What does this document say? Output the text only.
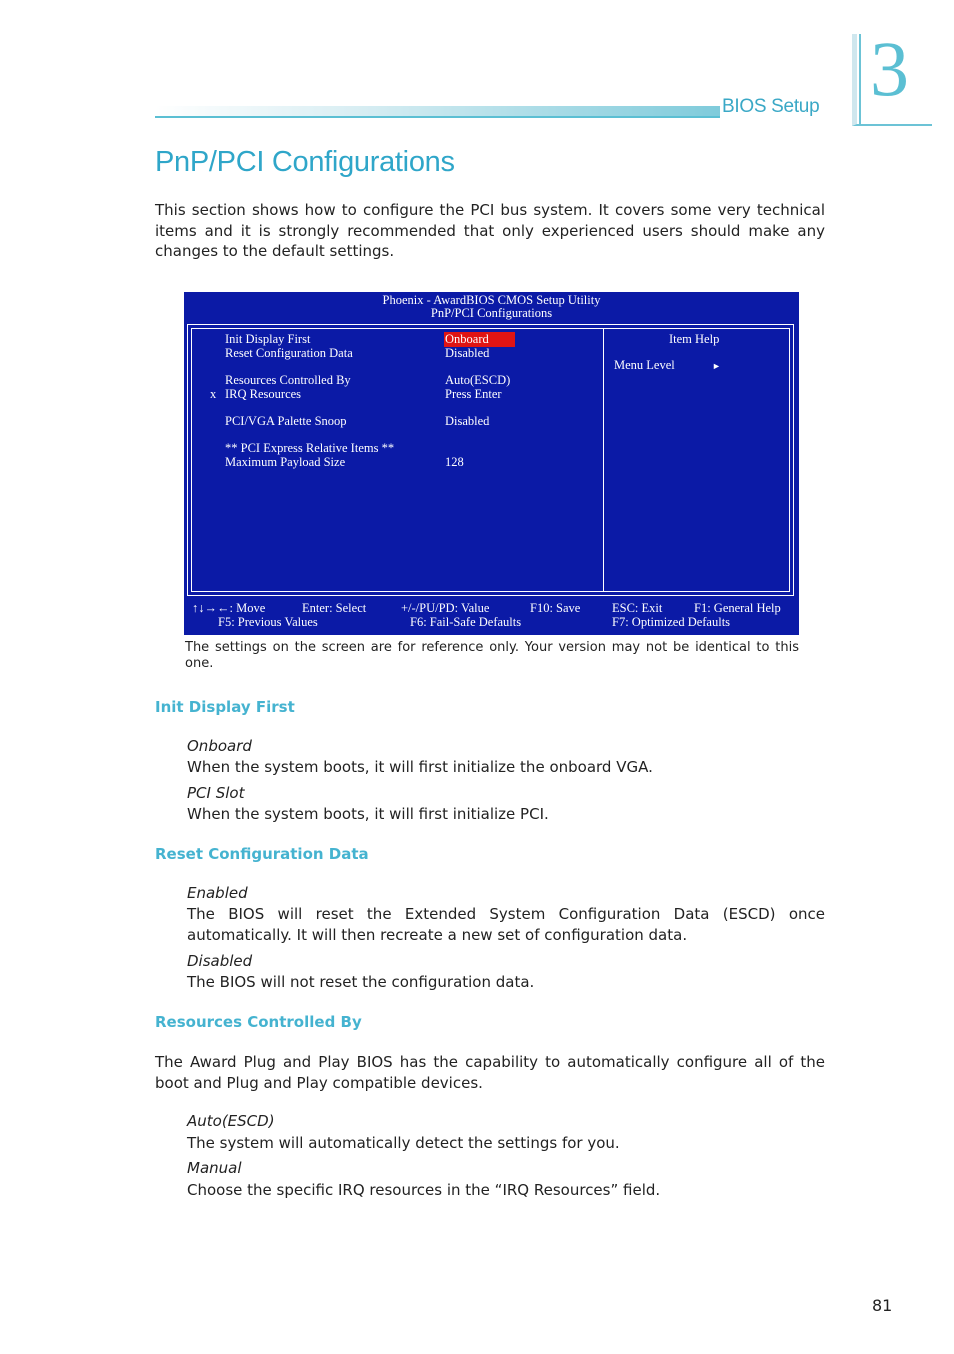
BIOS Setup 3
PnP/PCI Configurations
This section shows how to configure the PCI bus system. It covers some very technical items and it is strongly recommended that only experienced users should make any changes to the default settings.
Phoenix - AwardBIOS CMOS Setup Utility
PnP/PCI Configurations
Init Display First	Onboard
Reset Configuration Data	Disabled
Resources Controlled By	Auto(ESCD)
x IRQ Resources	Press Enter
PCI/VGA Palette Snoop	Disabled
** PCI Express Relative Items **
Maximum Payload Size	128
Item Help
Menu Level	►
↑↓→←: Move	Enter: Select	+/-/PU/PD: Value	F10: Save	ESC: Exit	F1: General Help
F5: Previous Values	F6: Fail-Safe Defaults	F7: Optimized Defaults
The settings on the screen are for reference only. Your version may not be identical to this one.
Init Display First
Onboard
When the system boots, it will first initialize the onboard VGA.
PCI Slot
When the system boots, it will first initialize PCI.
Reset Configuration Data
Enabled
The BIOS will reset the Extended System Configuration Data (ESCD) once automatically. It will then recreate a new set of configuration data.
Disabled
The BIOS will not reset the configuration data.
Resources Controlled By
The Award Plug and Play BIOS has the capability to automatically configure all of the boot and Plug and Play compatible devices.
Auto(ESCD)
The system will automatically detect the settings for you.
Manual
Choose the specific IRQ resources in the “IRQ Resources” field.
81
